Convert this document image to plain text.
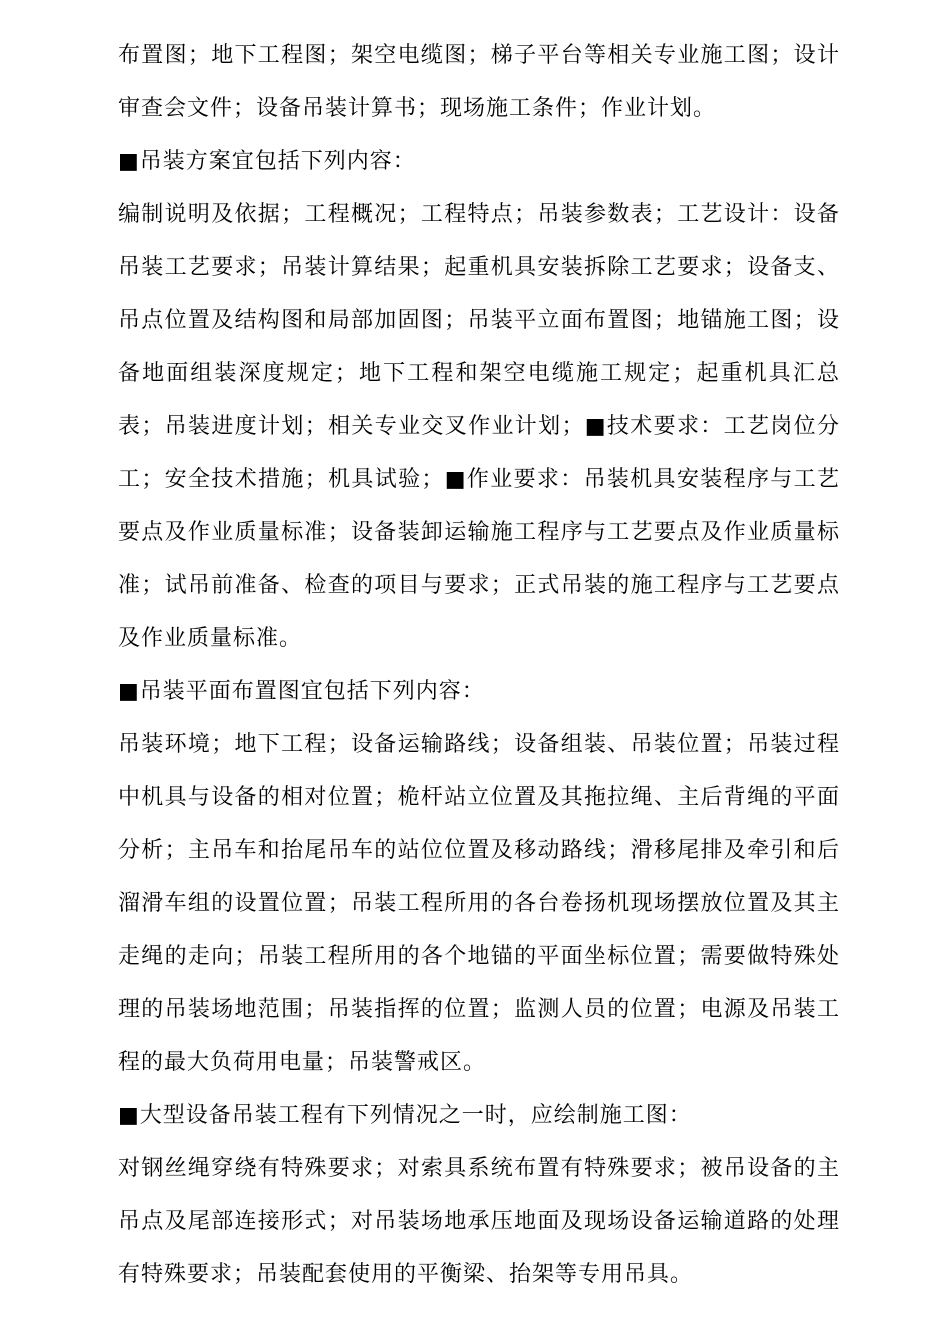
布置图；地下工程图；架空电缆图；梯子平台等相关专业施工图；设计审查会文件；设备吊装计算书；现场施工条件；作业计划。

■吊装方案宜包括下列内容：

编制说明及依据；工程概况；工程特点；吊装参数表；工艺设计：设备吊装工艺要求；吊装计算结果；起重机具安装拆除工艺要求；设备支、吊点位置及结构图和局部加固图；吊装平立面布置图；地锚施工图；设备地面组装深度规定；地下工程和架空电缆施工规定；起重机具汇总表；吊装进度计划；相关专业交叉作业计划；■技术要求：工艺岗位分工；安全技术措施；机具试验；■作业要求：吊装机具安装程序与工艺要点及作业质量标准；设备装卸运输施工程序与工艺要点及作业质量标准；试吊前准备、检查的项目与要求；正式吊装的施工程序与工艺要点及作业质量标准。

■吊装平面布置图宜包括下列内容：

吊装环境；地下工程；设备运输路线；设备组装、吊装位置；吊装过程中机具与设备的相对位置；桅杆站立位置及其拖拉绳、主后背绳的平面分析；主吊车和抬尾吊车的站位位置及移动路线；滑移尾排及牵引和后溜滑车组的设置位置；吊装工程所用的各台卷扬机现场摆放位置及其主走绳的走向；吊装工程所用的各个地锚的平面坐标位置；需要做特殊处理的吊装场地范围；吊装指挥的位置；监测人员的位置；电源及吊装工程的最大负荷用电量；吊装警戒区。

■大型设备吊装工程有下列情况之一时，应绘制施工图：

对钢丝绳穿绕有特殊要求；对索具系统布置有特殊要求；被吊设备的主吊点及尾部连接形式；对吊装场地承压地面及现场设备运输道路的处理有特殊要求；吊装配套使用的平衡梁、抬架等专用吊具。
